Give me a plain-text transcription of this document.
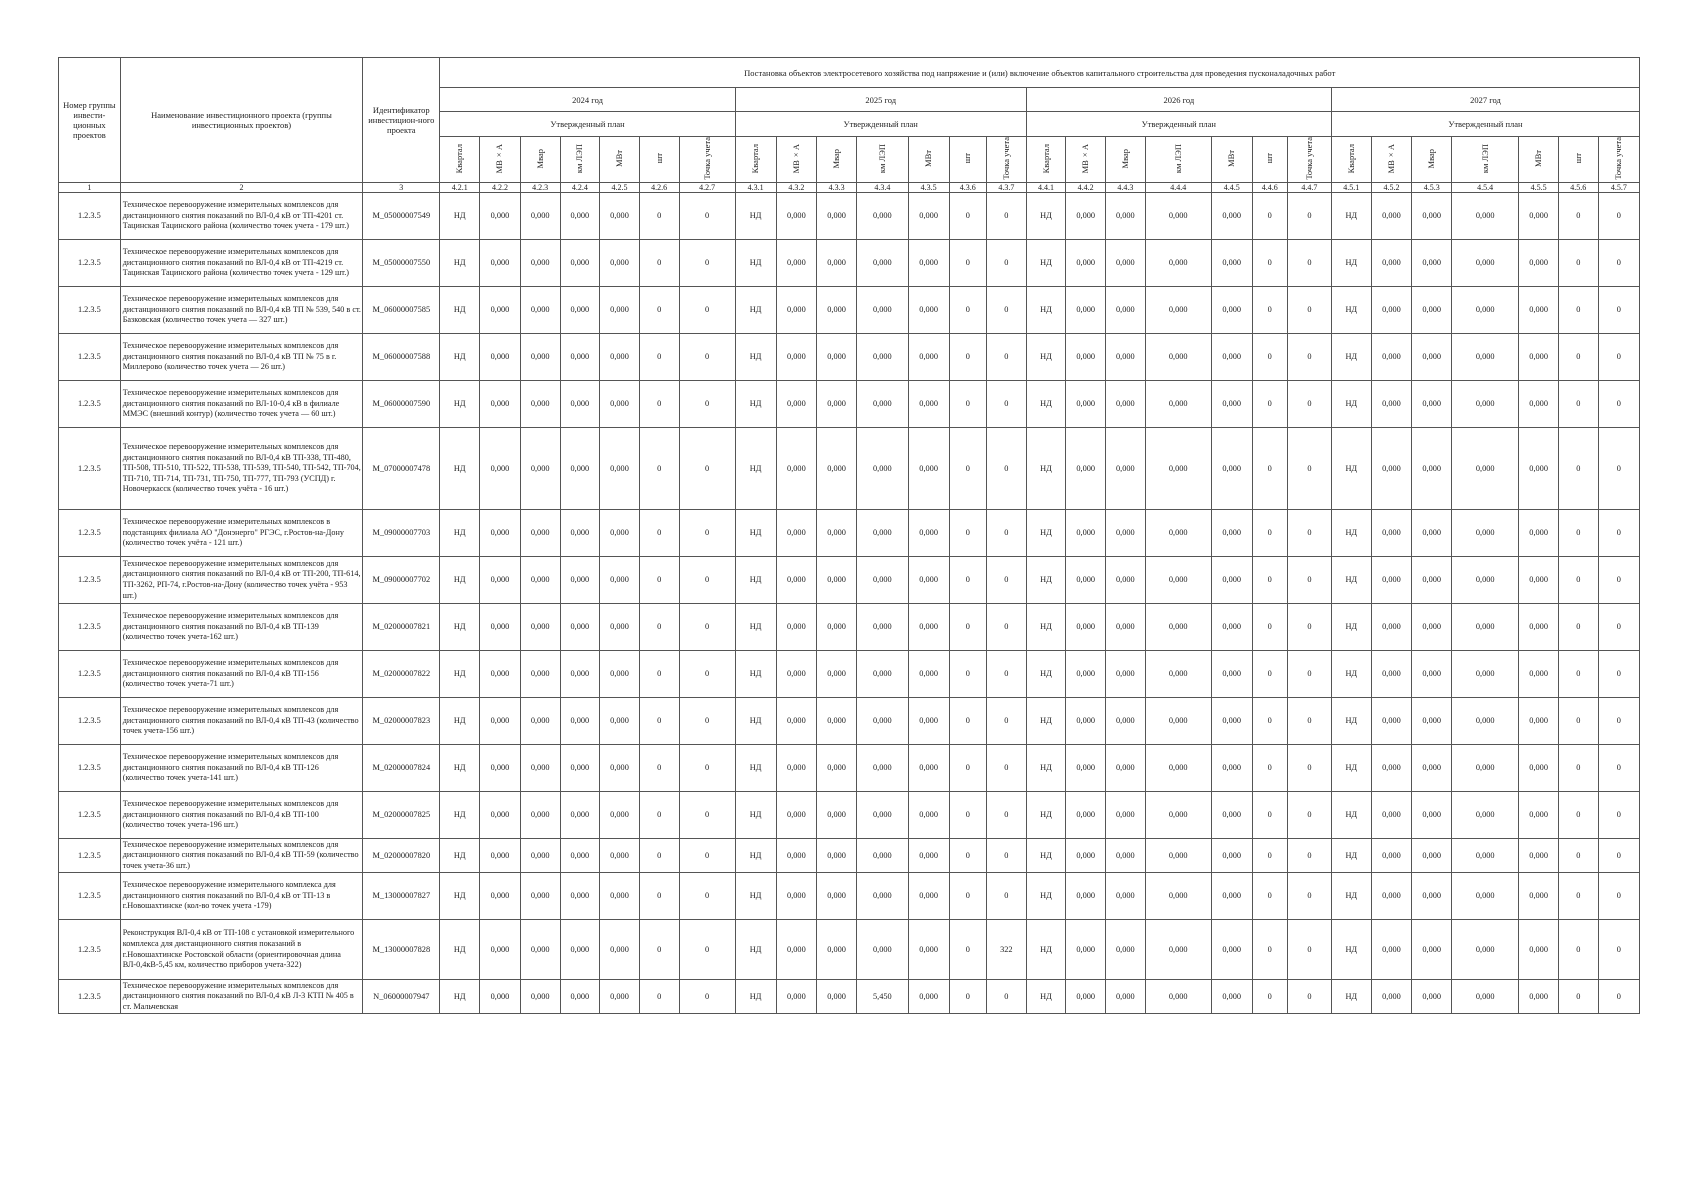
Номер группы инвести-ционных проектов	Наименование инвестиционного проекта (группы инвестиционных проектов)	Идентификатор инвестицион-ного проекта	Постановка объектов электросетевого хозяйства под напряжение и (или) включение объектов капитального строительства для проведения пусконаладочных работ																											
			2024 год							2025 год							2026 год							2027 год						
			Утвержденный план							Утвержденный план							Утвержденный план							Утвержденный план						
			Квартал	МВ×А	Мвар	км ЛЭП	МВт	шт	Точка учета	Квартал	МВ×А	Мвар	км ЛЭП	МВт	шт	Точка учета	Квартал	МВ×А	Мвар	км ЛЭП	МВт	шт	Точка учета	Квартал	МВ×А	Мвар	км ЛЭП	МВт	шт	Точка учета
1	2	3	4.2.1	4.2.2	4.2.3	4.2.4	4.2.5	4.2.6	4.2.7	4.3.1	4.3.2	4.3.3	4.3.4	4.3.5	4.3.6	4.3.7	4.4.1	4.4.2	4.4.3	4.4.4	4.4.5	4.4.6	4.4.7	4.5.1	4.5.2	4.5.3	4.5.4	4.5.5	4.5.6	4.5.7
1.2.3.5	Техническое перевооружение измерительных комплексов для дистанционного снятия показаний по ВЛ-0,4 кВ от ТП-4201 ст. Тацинская Тацинского района (количество точек учета - 179 шт.)	M_05000007549	НД	0,000	0,000	0,000	0,000	0	0	НД	0,000	0,000	0,000	0,000	0	0	НД	0,000	0,000	0,000	0,000	0	0	НД	0,000	0,000	0,000	0,000	0	0
1.2.3.5	Техническое перевооружение измерительных комплексов для дистанционного снятия показаний по ВЛ-0,4 кВ от ТП-4219 ст. Тацинская Тацинского района (количество точек учета - 129 шт.)	M_05000007550	НД	0,000	0,000	0,000	0,000	0	0	НД	0,000	0,000	0,000	0,000	0	0	НД	0,000	0,000	0,000	0,000	0	0	НД	0,000	0,000	0,000	0,000	0	0
1.2.3.5	Техническое перевооружение измерительных комплексов для дистанционного снятия показаний по ВЛ-0,4 кВ ТП № 539, 540 в ст. Базковская (количество точек учета — 327 шт.)	M_06000007585	НД	0,000	0,000	0,000	0,000	0	0	НД	0,000	0,000	0,000	0,000	0	0	НД	0,000	0,000	0,000	0,000	0	0	НД	0,000	0,000	0,000	0,000	0	0
1.2.3.5	Техническое перевооружение измерительных комплексов для дистанционного снятия показаний по ВЛ-0,4 кВ ТП № 75 в г. Миллерово (количество точек учета — 26 шт.)	M_06000007588	НД	0,000	0,000	0,000	0,000	0	0	НД	0,000	0,000	0,000	0,000	0	0	НД	0,000	0,000	0,000	0,000	0	0	НД	0,000	0,000	0,000	0,000	0	0
1.2.3.5	Техническое перевооружение измерительных комплексов для дистанционного снятия показаний по ВЛ-10-0,4 кВ в филиале ММЭС (внешний контур) (количество точек учета — 60 шт.)	M_06000007590	НД	0,000	0,000	0,000	0,000	0	0	НД	0,000	0,000	0,000	0,000	0	0	НД	0,000	0,000	0,000	0,000	0	0	НД	0,000	0,000	0,000	0,000	0	0
1.2.3.5	Техническое перевооружение измерительных комплексов для дистанционного снятия показаний по ВЛ-0,4 кВ ТП-338, ТП-480, ТП-508, ТП-510, ТП-522, ТП-538, ТП-539, ТП-540, ТП-542, ТП-704, ТП-710, ТП-714, ТП-731, ТП-750, ТП-777, ТП-793 (УСПД) г. Новочеркасск (количество точек учёта - 16 шт.)	M_07000007478	НД	0,000	0,000	0,000	0,000	0	0	НД	0,000	0,000	0,000	0,000	0	0	НД	0,000	0,000	0,000	0,000	0	0	НД	0,000	0,000	0,000	0,000	0	0
1.2.3.5	Техническое перевооружение измерительных комплексов в подстанциях филиала АО "Донэнерго" РГЭС, г.Ростов-на-Дону (количество точек учёта - 121 шт.)	M_09000007703	НД	0,000	0,000	0,000	0,000	0	0	НД	0,000	0,000	0,000	0,000	0	0	НД	0,000	0,000	0,000	0,000	0	0	НД	0,000	0,000	0,000	0,000	0	0
1.2.3.5	Техническое перевооружение измерительных комплексов для дистанционного снятия показаний по ВЛ-0,4 кВ от ТП-200, ТП-614, ТП-3262, РП-74, г.Ростов-на-Дону (количество точек учёта - 953 шт.)	M_09000007702	НД	0,000	0,000	0,000	0,000	0	0	НД	0,000	0,000	0,000	0,000	0	0	НД	0,000	0,000	0,000	0,000	0	0	НД	0,000	0,000	0,000	0,000	0	0
1.2.3.5	Техническое перевооружение измерительных комплексов для дистанционного снятия показаний по ВЛ-0,4 кВ ТП-139 (количество точек учета-162 шт.)	M_02000007821	НД	0,000	0,000	0,000	0,000	0	0	НД	0,000	0,000	0,000	0,000	0	0	НД	0,000	0,000	0,000	0,000	0	0	НД	0,000	0,000	0,000	0,000	0	0
1.2.3.5	Техническое перевооружение измерительных комплексов для дистанционного снятия показаний по ВЛ-0,4 кВ ТП-156 (количество точек учета-71 шт.)	M_02000007822	НД	0,000	0,000	0,000	0,000	0	0	НД	0,000	0,000	0,000	0,000	0	0	НД	0,000	0,000	0,000	0,000	0	0	НД	0,000	0,000	0,000	0,000	0	0
1.2.3.5	Техническое перевооружение измерительных комплексов для дистанционного снятия показаний по ВЛ-0,4 кВ ТП-43 (количество точек учета-156 шт.)	M_02000007823	НД	0,000	0,000	0,000	0,000	0	0	НД	0,000	0,000	0,000	0,000	0	0	НД	0,000	0,000	0,000	0,000	0	0	НД	0,000	0,000	0,000	0,000	0	0
1.2.3.5	Техническое перевооружение измерительных комплексов для дистанционного снятия показаний по ВЛ-0,4 кВ ТП-126 (количество точек учета-141 шт.)	M_02000007824	НД	0,000	0,000	0,000	0,000	0	0	НД	0,000	0,000	0,000	0,000	0	0	НД	0,000	0,000	0,000	0,000	0	0	НД	0,000	0,000	0,000	0,000	0	0
1.2.3.5	Техническое перевооружение измерительных комплексов для дистанционного снятия показаний по ВЛ-0,4 кВ ТП-100 (количество точек учета-196 шт.)	M_02000007825	НД	0,000	0,000	0,000	0,000	0	0	НД	0,000	0,000	0,000	0,000	0	0	НД	0,000	0,000	0,000	0,000	0	0	НД	0,000	0,000	0,000	0,000	0	0
1.2.3.5	Техническое перевооружение измерительных комплексов для дистанционного снятия показаний по ВЛ-0,4 кВ ТП-59 (количество точек учета-36 шт.)	M_02000007820	НД	0,000	0,000	0,000	0,000	0	0	НД	0,000	0,000	0,000	0,000	0	0	НД	0,000	0,000	0,000	0,000	0	0	НД	0,000	0,000	0,000	0,000	0	0
1.2.3.5	Техническое перевооружение измерительного комплекса для дистанционного снятия показаний по ВЛ-0,4 кВ от ТП-13 в г.Новошахтинске (кол-во точек учета -179)	M_13000007827	НД	0,000	0,000	0,000	0,000	0	0	НД	0,000	0,000	0,000	0,000	0	0	НД	0,000	0,000	0,000	0,000	0	0	НД	0,000	0,000	0,000	0,000	0	0
1.2.3.5	Реконструкция ВЛ-0,4 кВ от ТП-108 с установкой измерительного комплекса для дистанционного снятия показаний в г.Новошахтинске Ростовской области (ориентировочная длина ВЛ-0,4кВ-5,45 км, количество приборов учета-322)	M_13000007828	НД	0,000	0,000	0,000	0,000	0	0	НД	0,000	0,000	0,000	0,000	0	322	НД	0,000	0,000	0,000	0,000	0	0	НД	0,000	0,000	0,000	0,000	0	0
1.2.3.5	Техническое перевооружение измерительных комплексов для дистанционного снятия показаний по ВЛ-0,4 кВ Л-3 КТП № 405 в ст. Мальчевская	N_06000007947	НД	0,000	0,000	0,000	0,000	0	0	НД	0,000	0,000	5,450	0,000	0	0	НД	0,000	0,000	0,000	0,000	0	0	НД	0,000	0,000	0,000	0,000	0	0
